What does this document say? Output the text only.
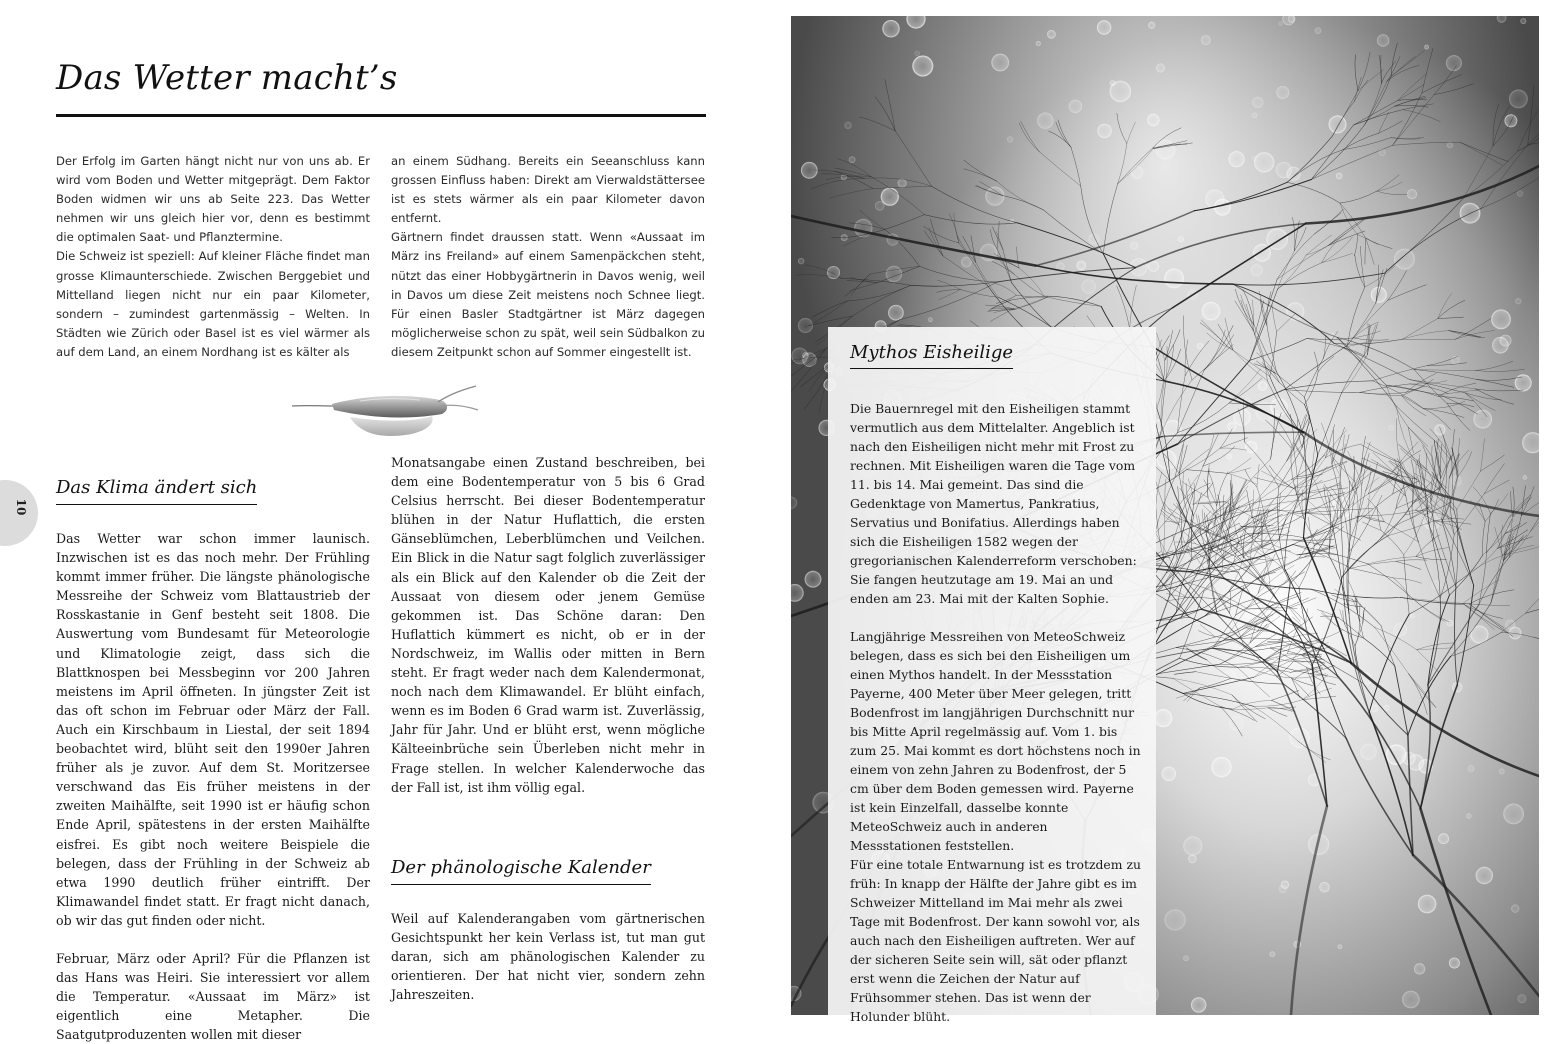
Das Wetter macht’s

Der Erfolg im Garten hängt nicht nur von uns ab. Er wird vom Boden und Wetter mitgeprägt. Dem Faktor Boden widmen wir uns ab Seite 223. Das Wetter nehmen wir uns gleich hier vor, denn es bestimmt die optimalen Saat- und Pflanztermine.

Die Schweiz ist speziell: Auf kleiner Fläche findet man grosse Klimaunterschiede. Zwischen Berggebiet und Mittelland liegen nicht nur ein paar Kilometer, sondern – zumindest gartenmässig – Welten. In Städten wie Zürich oder Basel ist es viel wärmer als auf dem Land, an einem Nordhang ist es kälter als

an einem Südhang. Bereits ein Seeanschluss kann grossen Einfluss haben: Direkt am Vierwaldstättersee ist es stets wärmer als ein paar Kilometer davon entfernt.

Gärtnern findet draussen statt. Wenn «Aussaat im März ins Freiland» auf einem Samenpäckchen steht, nützt das einer Hobbygärtnerin in Davos wenig, weil in Davos um diese Zeit meistens noch Schnee liegt. Für einen Basler Stadtgärtner ist März dagegen möglicherweise schon zu spät, weil sein Südbalkon zu diesem Zeitpunkt schon auf Sommer eingestellt ist.

Das Klima ändert sich

Das Wetter war schon immer launisch. Inzwischen ist es das noch mehr. Der Frühling kommt immer früher. Die längste phänologische Messreihe der Schweiz vom Blattaustrieb der Rosskastanie in Genf besteht seit 1808. Die Auswertung vom Bundesamt für Meteorologie und Klimatologie zeigt, dass sich die Blattknospen bei Messbeginn vor 200 Jahren meistens im April öffneten. In jüngster Zeit ist das oft schon im Februar oder März der Fall. Auch ein Kirschbaum in Liestal, der seit 1894 beobachtet wird, blüht seit den 1990er Jahren früher als je zuvor. Auf dem St. Moritzersee verschwand das Eis früher meistens in der zweiten Maihälfte, seit 1990 ist er häufig schon Ende April, spätestens in der ersten Maihälfte eisfrei. Es gibt noch weitere Beispiele die belegen, dass der Frühling in der Schweiz ab etwa 1990 deutlich früher eintrifft. Der Klimawandel findet statt. Er fragt nicht danach, ob wir das gut finden oder nicht.

Februar, März oder April? Für die Pflanzen ist das Hans was Heiri. Sie interessiert vor allem die Temperatur. «Aussaat im März» ist eigentlich eine Metapher. Die Saatgutproduzenten wollen mit dieser

Monatsangabe einen Zustand beschreiben, bei dem eine Bodentemperatur von 5 bis 6 Grad Celsius herrscht. Bei dieser Bodentemperatur blühen in der Natur Huflattich, die ersten Gänseblümchen, Leberblümchen und Veilchen. Ein Blick in die Natur sagt folglich zuverlässiger als ein Blick auf den Kalender ob die Zeit der Aussaat von diesem oder jenem Gemüse gekommen ist. Das Schöne daran: Den Huflattich kümmert es nicht, ob er in der Nordschweiz, im Wallis oder mitten in Bern steht. Er fragt weder nach dem Kalendermonat, noch nach dem Klimawandel. Er blüht einfach, wenn es im Boden 6 Grad warm ist. Zuverlässig, Jahr für Jahr. Und er blüht erst, wenn mögliche Kälteeinbrüche sein Überleben nicht mehr in Frage stellen. In welcher Kalenderwoche das der Fall ist, ist ihm völlig egal.

Der phänologische Kalender

Weil auf Kalenderangaben vom gärtnerischen Gesichtspunkt her kein Verlass ist, tut man gut daran, sich am phänologischen Kalender zu orientieren. Der hat nicht vier, sondern zehn Jahreszeiten.

10
Mythos Eisheilige

Die Bauernregel mit den Eisheiligen stammt vermutlich aus dem Mittelalter. Angeblich ist nach den Eisheiligen nicht mehr mit Frost zu rechnen. Mit Eisheiligen waren die Tage vom 11. bis 14. Mai gemeint. Das sind die Gedenktage von Mamertus, Pankratius, Servatius und Bonifatius. Allerdings haben sich die Eisheiligen 1582 wegen der gregorianischen Kalenderreform verschoben: Sie fangen heutzutage am 19. Mai an und enden am 23. Mai mit der Kalten Sophie.

Langjährige Messreihen von MeteoSchweiz belegen, dass es sich bei den Eisheiligen um einen Mythos handelt. In der Messstation Payerne, 400 Meter über Meer gelegen, tritt Bodenfrost im langjährigen Durchschnitt nur bis Mitte April regelmässig auf. Vom 1. bis zum 25. Mai kommt es dort höchstens noch in einem von zehn Jahren zu Bodenfrost, der 5 cm über dem Boden gemessen wird. Payerne ist kein Einzelfall, dasselbe konnte MeteoSchweiz auch in anderen Messstationen feststellen.

Für eine totale Entwarnung ist es trotzdem zu früh: In knapp der Hälfte der Jahre gibt es im Schweizer Mittelland im Mai mehr als zwei Tage mit Bodenfrost. Der kann sowohl vor, als auch nach den Eisheiligen auftreten. Wer auf der sicheren Seite sein will, sät oder pflanzt erst wenn die Zeichen der Natur auf Frühsommer stehen. Das ist wenn der Holunder blüht.
